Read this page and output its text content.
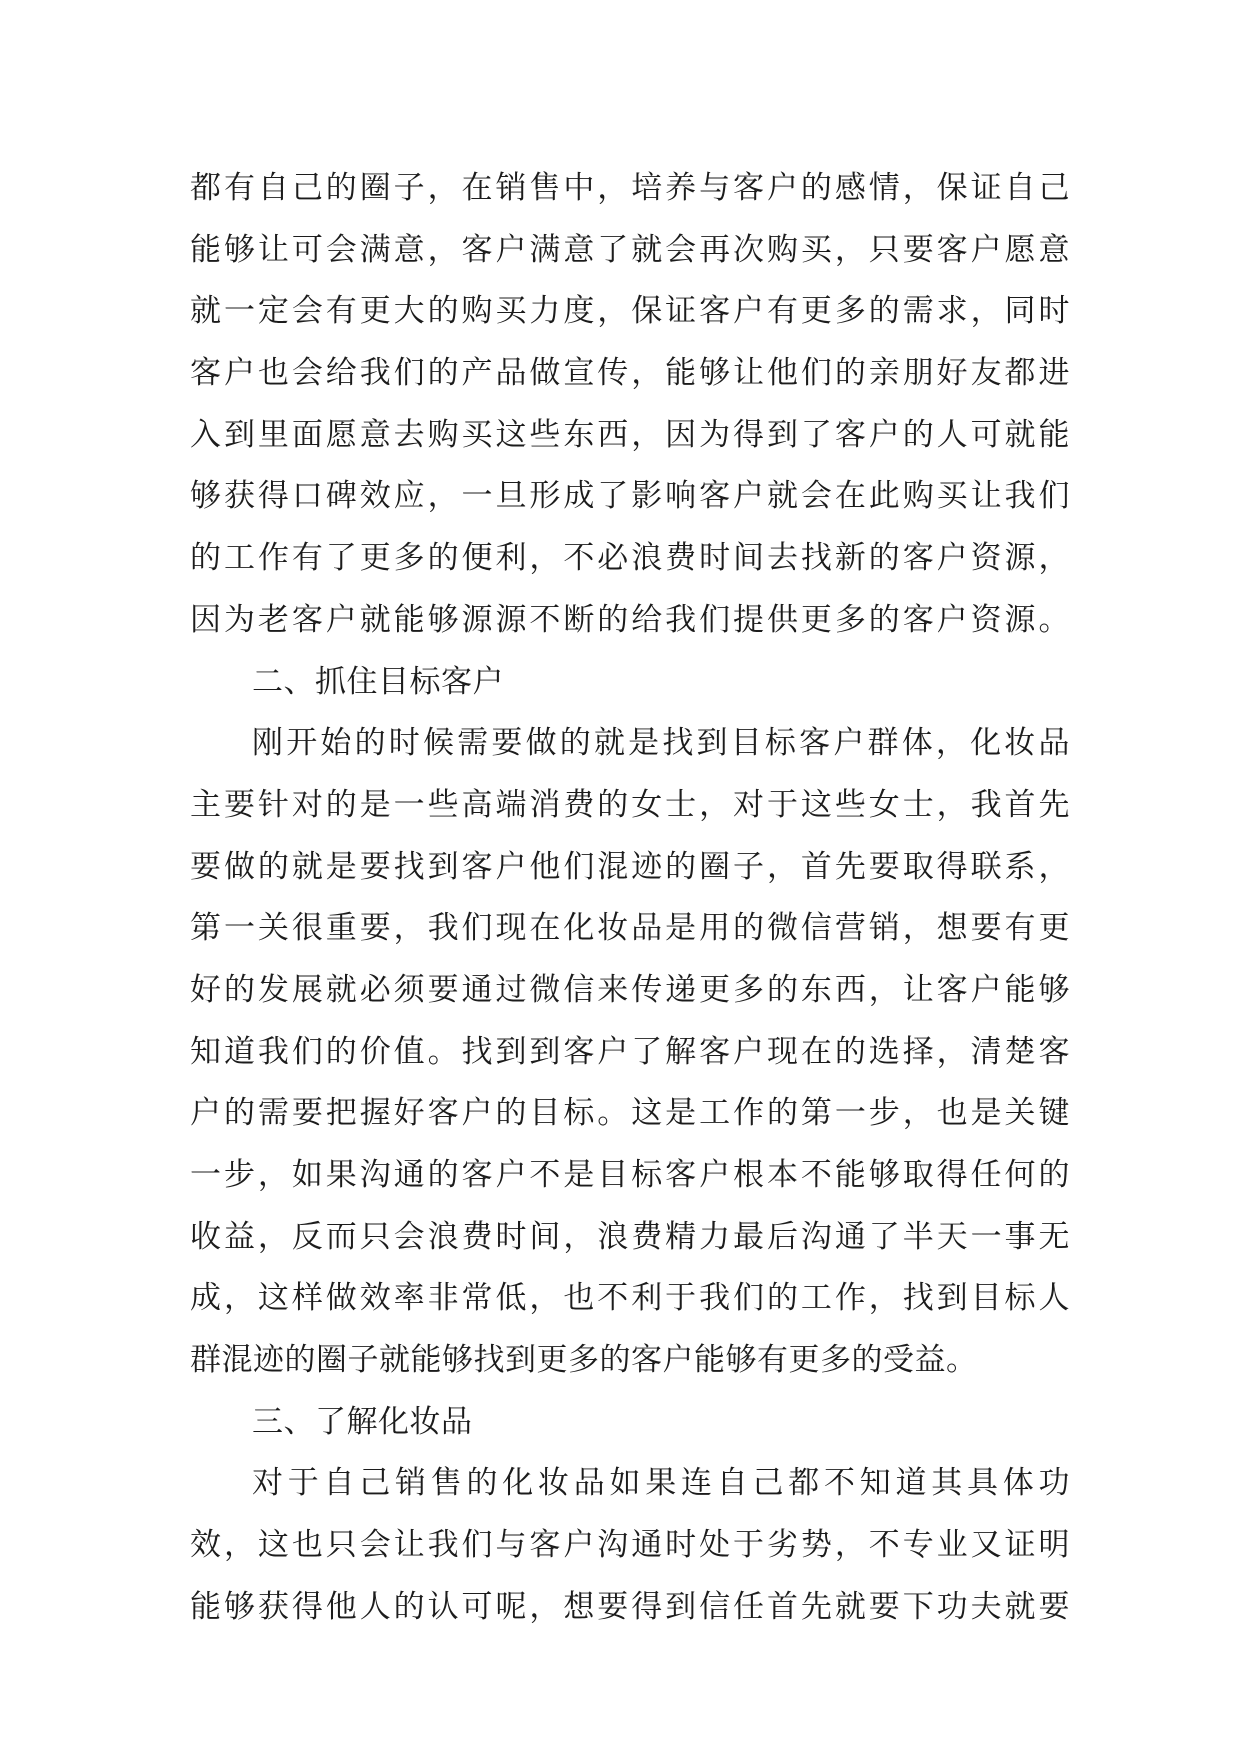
都有自己的圈子，在销售中，培养与客户的感情，保证自己
能够让可会满意，客户满意了就会再次购买，只要客户愿意
就一定会有更大的购买力度，保证客户有更多的需求，同时
客户也会给我们的产品做宣传，能够让他们的亲朋好友都进
入到里面愿意去购买这些东西，因为得到了客户的人可就能
够获得口碑效应，一旦形成了影响客户就会在此购买让我们
的工作有了更多的便利，不必浪费时间去找新的客户资源，
因为老客户就能够源源不断的给我们提供更多的客户资源。
二、抓住目标客户
刚开始的时候需要做的就是找到目标客户群体，化妆品
主要针对的是一些高端消费的女士，对于这些女士，我首先
要做的就是要找到客户他们混迹的圈子，首先要取得联系，
第一关很重要，我们现在化妆品是用的微信营销，想要有更
好的发展就必须要通过微信来传递更多的东西，让客户能够
知道我们的价值。找到到客户了解客户现在的选择，清楚客
户的需要把握好客户的目标。这是工作的第一步，也是关键
一步，如果沟通的客户不是目标客户根本不能够取得任何的
收益，反而只会浪费时间，浪费精力最后沟通了半天一事无
成，这样做效率非常低，也不利于我们的工作，找到目标人
群混迹的圈子就能够找到更多的客户能够有更多的受益。
三、了解化妆品
对于自己销售的化妆品如果连自己都不知道其具体功
效，这也只会让我们与客户沟通时处于劣势，不专业又证明
能够获得他人的认可呢，想要得到信任首先就要下功夫就要
